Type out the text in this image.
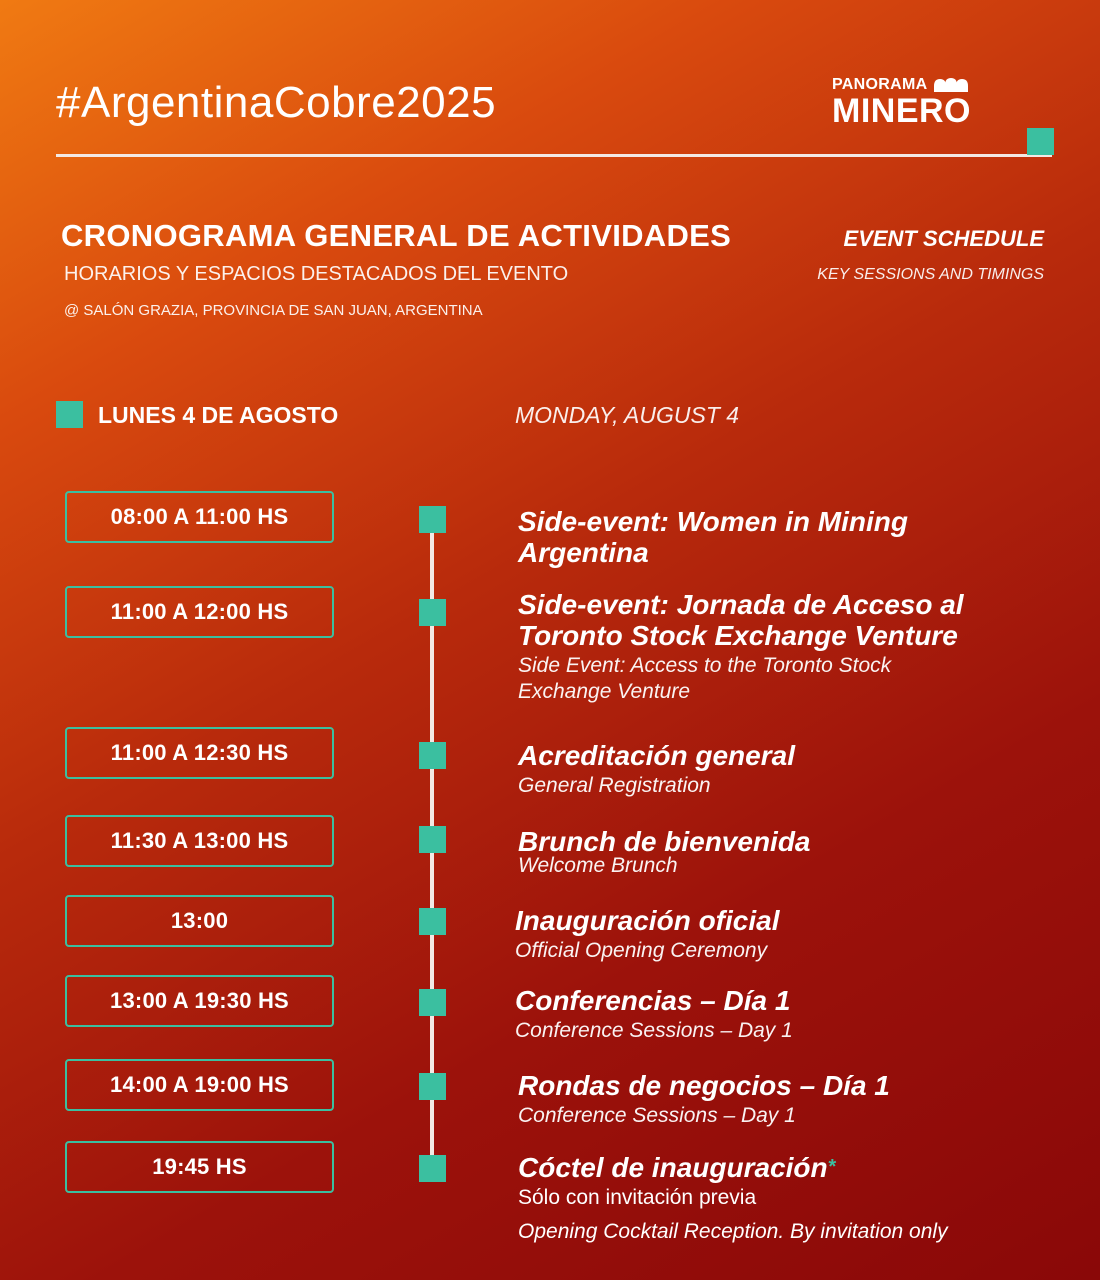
#ArgentinaCobre2025	PANORAMA
MINERO
CRONOGRAMA GENERAL DE ACTIVIDADES
HORARIOS Y ESPACIOS DESTACADOS DEL EVENTO
@ SALÓN GRAZIA, PROVINCIA DE SAN JUAN, ARGENTINA
EVENT SCHEDULE
KEY SESSIONS AND TIMINGS
LUNES 4 DE AGOSTO	MONDAY, AUGUST 4
08:00 A 11:00 HS	Side-event: Women in Mining Argentina
11:00 A 12:00 HS	Side-event: Jornada de Acceso al Toronto Stock Exchange Venture
Side Event: Access to the Toronto Stock Exchange Venture
11:00 A 12:30 HS	Acreditación general
General Registration
11:30 A 13:00 HS	Brunch de bienvenida
Welcome Brunch
13:00	Inauguración oficial
Official Opening Ceremony
13:00 A 19:30 HS	Conferencias – Día 1
Conference Sessions – Day 1
14:00 A 19:00 HS	Rondas de negocios – Día 1
Conference Sessions – Day 1
19:45 HS	Cóctel de inauguración*
Sólo con invitación previa
Opening Cocktail Reception. By invitation only
